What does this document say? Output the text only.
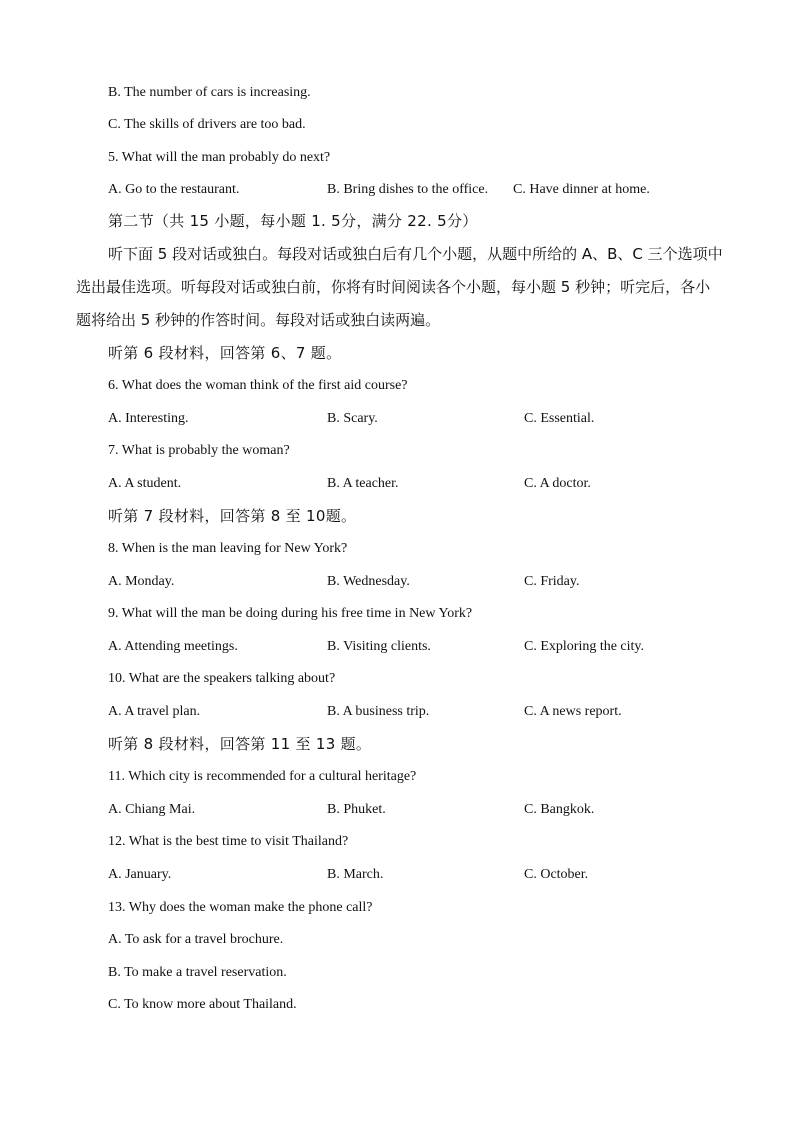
B. The number of cars is increasing.
C. The skills of drivers are too bad.
5. What will the man probably do next?
A. Go to the restaurant.	B. Bring dishes to the office. C. Have dinner at home.
第二节（共 15 小题，每小题 1. 5分，满分 22. 5分）
听下面 5 段对话或独白。每段对话或独白后有几个小题，从题中所给的 A、B、C 三个选项中选出最佳选项。听每段对话或独白前，你将有时间阅读各个小题，每小题 5 秒钟；听完后，各小题将给出 5 秒钟的作答时间。每段对话或独白读两遍。
听第 6 段材料，回答第 6、7 题。
6. What does the woman think of the first aid course?
A. Interesting.	B. Scary.	C. Essential.
7. What is probably the woman?
A. A student.	B. A teacher.	C. A doctor.
听第 7 段材料，回答第 8 至 10题。
8. When is the man leaving for New York?
A. Monday.	B. Wednesday.	C. Friday.
9. What will the man be doing during his free time in New York?
A. Attending meetings.	B. Visiting clients.	C. Exploring the city.
10. What are the speakers talking about?
A. A travel plan.	B. A business trip.	C. A news report.
听第 8 段材料，回答第 11 至 13 题。
11. Which city is recommended for a cultural heritage?
A. Chiang Mai.	B. Phuket.	C. Bangkok.
12. What is the best time to visit Thailand?
A. January.	B. March.	C. October.
13. Why does the woman make the phone call?
A. To ask for a travel brochure.
B. To make a travel reservation.
C. To know more about Thailand.
